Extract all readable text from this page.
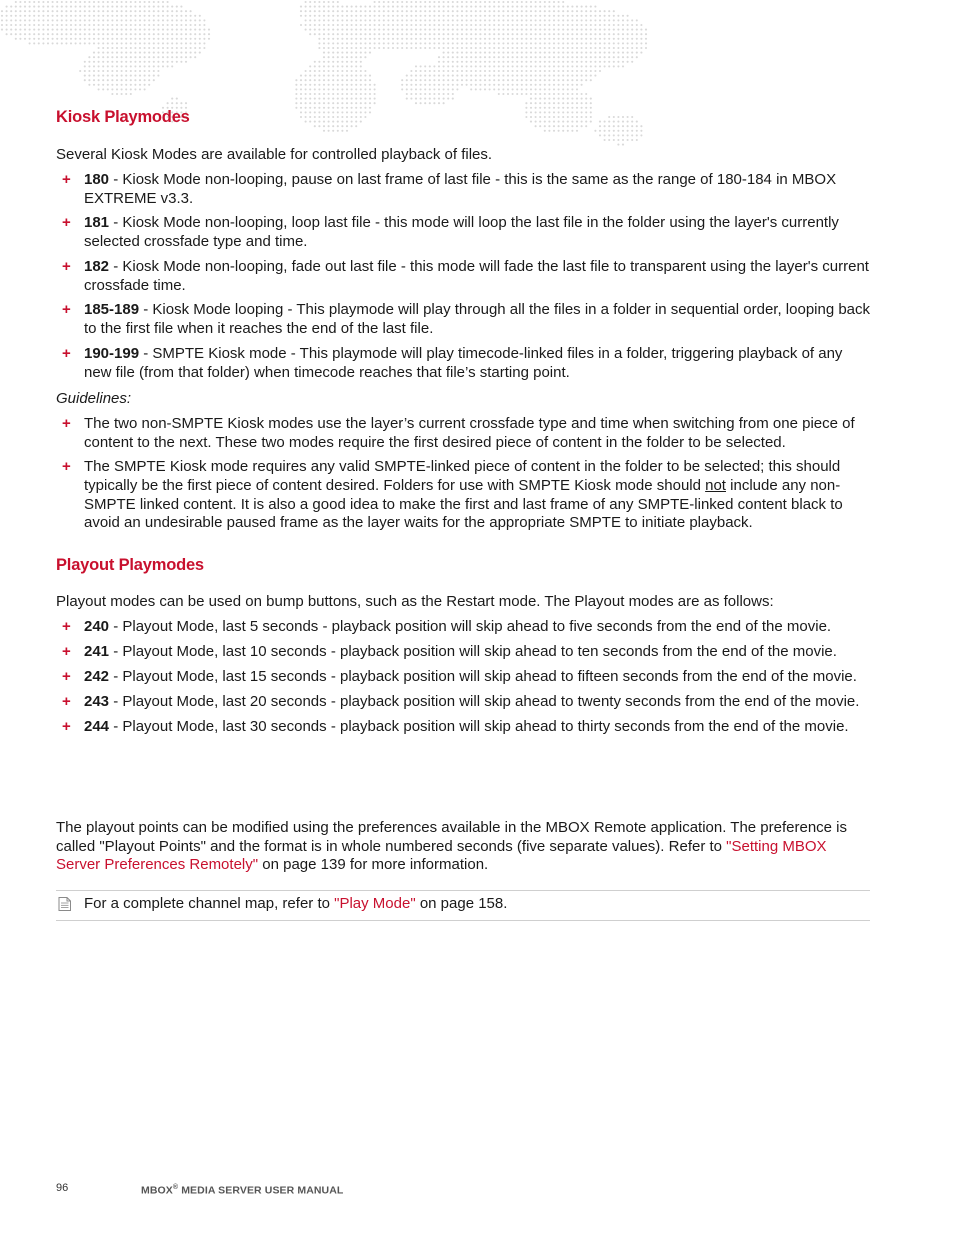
Kiosk Playmodes
Several Kiosk Modes are available for controlled playback of files.
+ 180 - Kiosk Mode non-looping, pause on last frame of last file - this is the same as the range of 180-184 in MBOX EXTREME v3.3.
+ 181 - Kiosk Mode non-looping, loop last file - this mode will loop the last file in the folder using the layer's currently selected crossfade type and time.
+ 182 - Kiosk Mode non-looping, fade out last file - this mode will fade the last file to transparent using the layer's current crossfade time.
+ 185-189 - Kiosk Mode looping - This playmode will play through all the files in a folder in sequential order, looping back to the first file when it reaches the end of the last file.
+ 190-199 - SMPTE Kiosk mode - This playmode will play timecode-linked files in a folder, triggering playback of any new file (from that folder) when timecode reaches that file’s starting point.
Guidelines:
+ The two non-SMPTE Kiosk modes use the layer’s current crossfade type and time when switching from one piece of content to the next. These two modes require the first desired piece of content in the folder to be selected.
+ The SMPTE Kiosk mode requires any valid SMPTE-linked piece of content in the folder to be selected; this should typically be the first piece of content desired. Folders for use with SMPTE Kiosk mode should not include any non-SMPTE linked content. It is also a good idea to make the first and last frame of any SMPTE-linked content black to avoid an undesirable paused frame as the layer waits for the appropriate SMPTE to initiate playback.
Playout Playmodes
Playout modes can be used on bump buttons, such as the Restart mode. The Playout modes are as follows:
+ 240 - Playout Mode, last 5 seconds - playback position will skip ahead to five seconds from the end of the movie.
+ 241 - Playout Mode, last 10 seconds - playback position will skip ahead to ten seconds from the end of the movie.
+ 242 - Playout Mode, last 15 seconds - playback position will skip ahead to fifteen seconds from the end of the movie.
+ 243 - Playout Mode, last 20 seconds - playback position will skip ahead to twenty seconds from the end of the movie.
+ 244 - Playout Mode, last 30 seconds - playback position will skip ahead to thirty seconds from the end of the movie.
The playout points can be modified using the preferences available in the MBOX Remote application. The preference is called "Playout Points" and the format is in whole numbered seconds (five separate values). Refer to "Setting MBOX Server Preferences Remotely" on page 139 for more information.
For a complete channel map, refer to "Play Mode" on page 158.
96	MBOX® MEDIA SERVER USER MANUAL
